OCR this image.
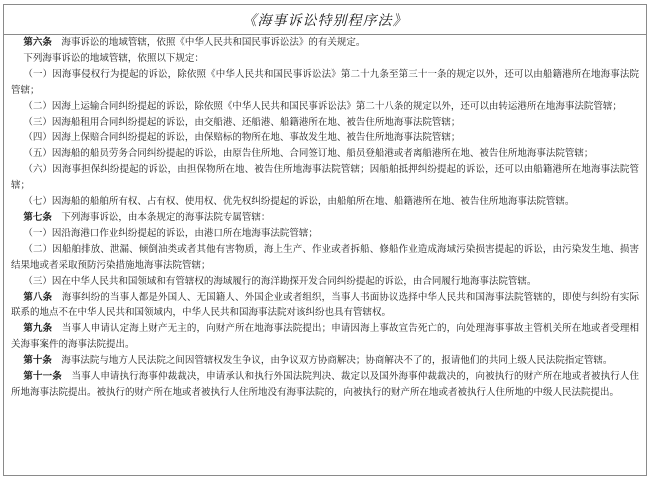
《海事诉讼特别程序法》

第六条　 海事诉讼的地域管辖，依照《中华人民共和国民事诉讼法》的有关规定。

下列海事诉讼的地域管辖，依照以下规定：

（一）因海事侵权行为提起的诉讼，除依照《中华人民共和国民事诉讼法》第二十九条至第三十一条的规定以外，还可以由船籍港所在地海事法院管辖；

（二）因海上运输合同纠纷提起的诉讼，除依照《中华人民共和国民事诉讼法》第二十八条的规定以外，还可以由转运港所在地海事法院管辖；

（三）因海船租用合同纠纷提起的诉讼，由交船港、还船港、船籍港所在地、被告住所地海事法院管辖；

（四）因海上保赔合同纠纷提起的诉讼，由保赔标的物所在地、事故发生地、被告住所地海事法院管辖；

（五）因海船的船员劳务合同纠纷提起的诉讼，由原告住所地、合同签订地、船员登船港或者离船港所在地、被告住所地海事法院管辖；

（六）因海事担保纠纷提起的诉讼，由担保物所在地、被告住所地海事法院管辖；因船舶抵押纠纷提起的诉讼，还可以由船籍港所在地海事法院管辖；

（七）因海船的船舶所有权、占有权、使用权、优先权纠纷提起的诉讼，由船舶所在地、船籍港所在地、被告住所地海事法院管辖。

第七条　 下列海事诉讼，由本条规定的海事法院专属管辖：

（一）因沿海港口作业纠纷提起的诉讼，由港口所在地海事法院管辖；

（二）因船舶排放、泄漏、倾倒油类或者其他有害物质，海上生产、作业或者拆船、修船作业造成海域污染损害提起的诉讼，由污染发生地、损害结果地或者采取预防污染措施地海事法院管辖；

（三）因在中华人民共和国领域和有管辖权的海域履行的海洋勘探开发合同纠纷提起的诉讼，由合同履行地海事法院管辖。

第八条　 海事纠纷的当事人都是外国人、无国籍人、外国企业或者组织，当事人书面协议选择中华人民共和国海事法院管辖的，即使与纠纷有实际联系的地点不在中华人民共和国领域内，中华人民共和国海事法院对该纠纷也具有管辖权。

第九条　 当事人申请认定海上财产无主的，向财产所在地海事法院提出；申请因海上事故宣告死亡的，向处理海事事故主管机关所在地或者受理相关海事案件的海事法院提出。

第十条　 海事法院与地方人民法院之间因管辖权发生争议，由争议双方协商解决；协商解决不了的，报请他们的共同上级人民法院指定管辖。

第十一条　 当事人申请执行海事仲裁裁决，申请承认和执行外国法院判决、裁定以及国外海事仲裁裁决的，向被执行的财产所在地或者被执行人住所地海事法院提出。被执行的财产所在地或者被执行人住所地没有海事法院的，向被执行的财产所在地或者被执行人住所地的中级人民法院提出。
